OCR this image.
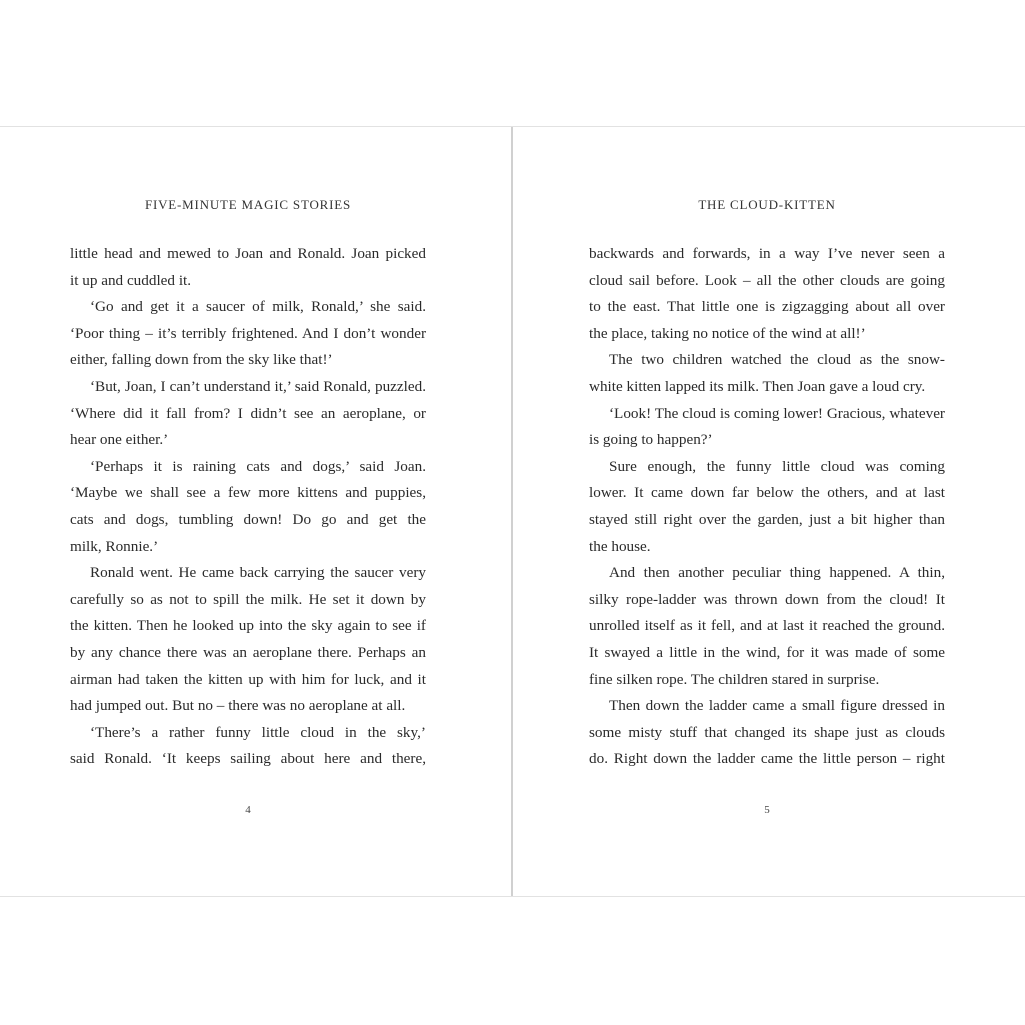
FIVE-MINUTE MAGIC STORIES
little head and mewed to Joan and Ronald. Joan picked
it up and cuddled it.
‘Go and get it a saucer of milk, Ronald,’ she said.
‘Poor thing – it’s terribly frightened. And I don’t wonder
either, falling down from the sky like that!’
‘But, Joan, I can’t understand it,’ said Ronald, puzzled.
‘Where did it fall from? I didn’t see an aeroplane, or
hear one either.’
‘Perhaps it is raining cats and dogs,’ said Joan.
‘Maybe we shall see a few more kittens and puppies,
cats and dogs, tumbling down! Do go and get the
milk, Ronnie.’
Ronald went. He came back carrying the saucer very
carefully so as not to spill the milk. He set it down by
the kitten. Then he looked up into the sky again to see if
by any chance there was an aeroplane there. Perhaps an
airman had taken the kitten up with him for luck, and it
had jumped out. But no – there was no aeroplane at all.
‘There’s a rather funny little cloud in the sky,’
said Ronald. ‘It keeps sailing about here and there,
4
THE CLOUD-KITTEN
backwards and forwards, in a way I’ve never seen a
cloud sail before. Look – all the other clouds are going
to the east. That little one is zigzagging about all over
the place, taking no notice of the wind at all!’
The two children watched the cloud as the snow-
white kitten lapped its milk. Then Joan gave a loud cry.
‘Look! The cloud is coming lower! Gracious, whatever
is going to happen?’
Sure enough, the funny little cloud was coming
lower. It came down far below the others, and at last
stayed still right over the garden, just a bit higher than
the house.
And then another peculiar thing happened. A thin,
silky rope-ladder was thrown down from the cloud! It
unrolled itself as it fell, and at last it reached the ground.
It swayed a little in the wind, for it was made of some
fine silken rope. The children stared in surprise.
Then down the ladder came a small figure dressed in
some misty stuff that changed its shape just as clouds
do. Right down the ladder came the little person – right
5
